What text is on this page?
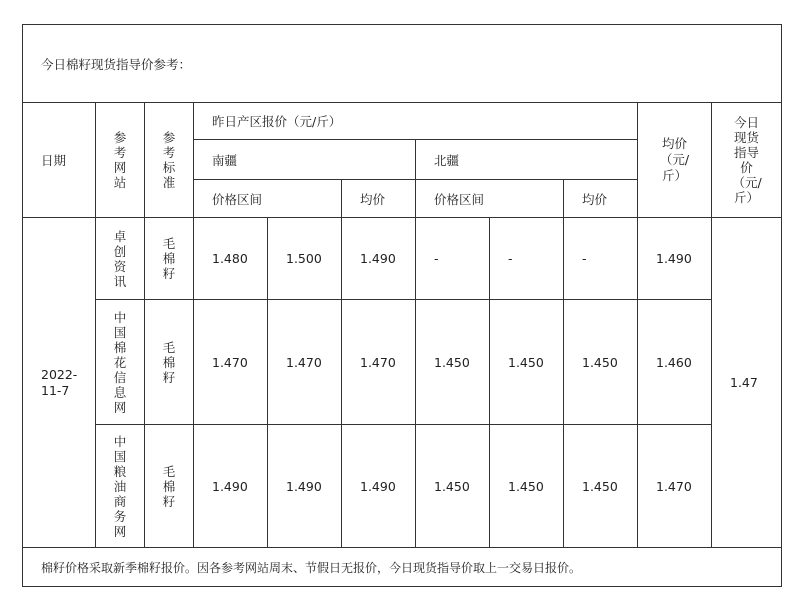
今日棉籽现货指导价参考：										
日期	参考网站	参考标准	昨日产区报价（元/斤）						均价（元/斤）	今日现货指导价（元/斤）
			南疆			北疆				
			价格区间		均价	价格区间		均价		
2022-11-7	卓创资讯	毛棉籽	1.480	1.500	1.490	-	-	-	1.490	1.47
	中国棉花信息网	毛棉籽	1.470	1.470	1.470	1.450	1.450	1.450	1.460	
	中国粮油商务网	毛棉籽	1.490	1.490	1.490	1.450	1.450	1.450	1.470	
棉籽价格采取新季棉籽报价。因各参考网站周末、节假日无报价，今日现货指导价取上一交易日报价。										
